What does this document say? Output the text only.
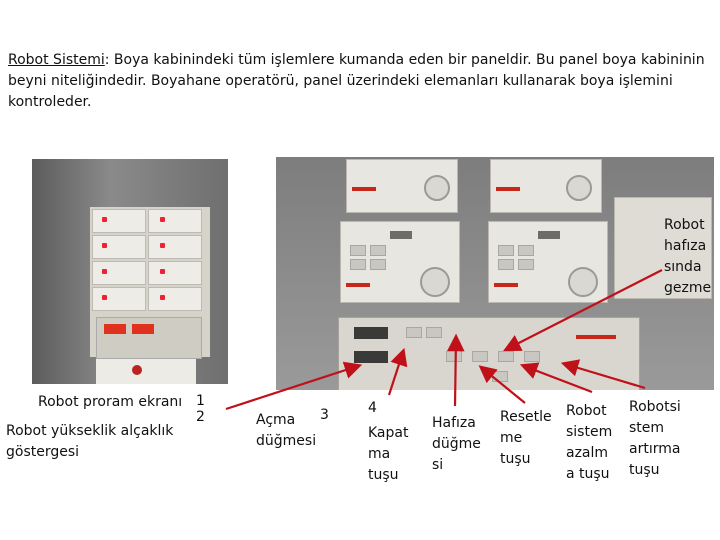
Robot Sistemi: Boya kabinindeki tüm işlemlere kumanda eden bir paneldir. Bu panel boya kabininin beyni niteliğindedir. Boyahane operatörü, panel üzerindeki elemanları kullanarak boya işlemini kontroleder.
Robot
hafıza
sında
gezme
Robot proram ekranı 1
2
Robot yükseklik alçaklık
göstergesi
Açma 3
düğmesi
4
Kapat
ma
tuşu
Hafıza
düğme
si
Resetle
me
tuşu
Robot
sistem
azalm
a tuşu
Robotsi
stem
artırma
tuşu
